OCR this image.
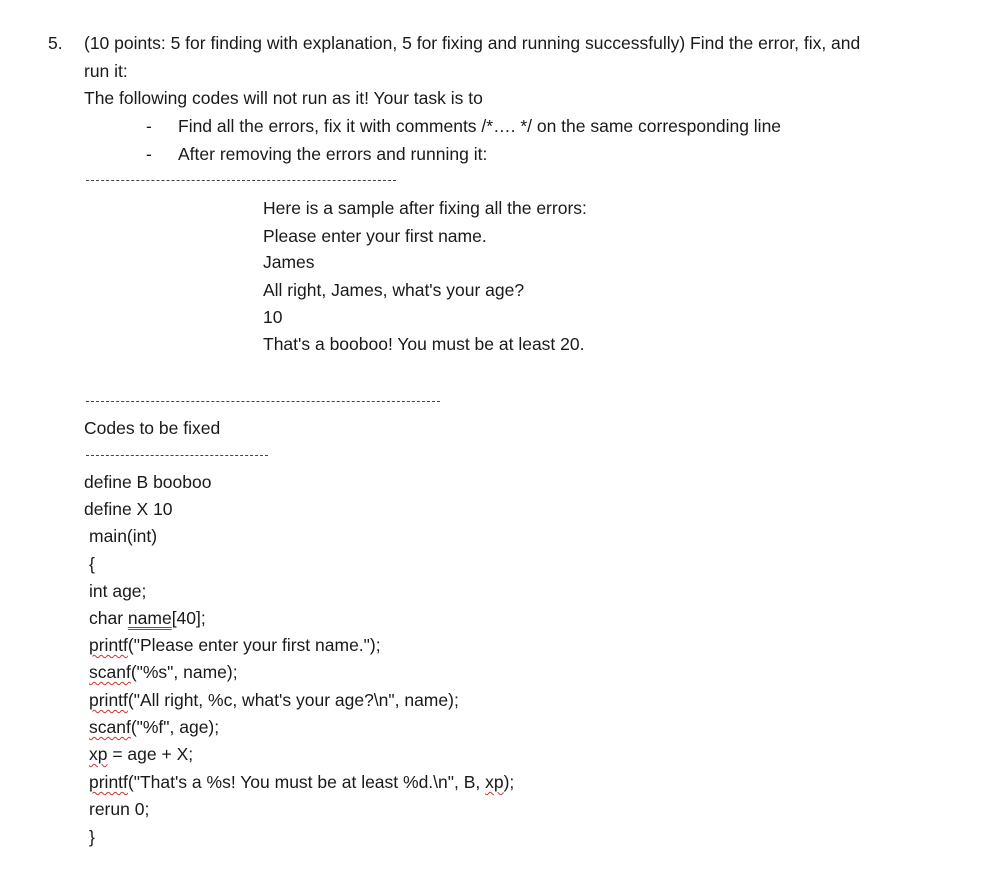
5. (10 points: 5 for finding with explanation, 5 for fixing and running successfully) Find the error, fix, and
run it:
The following codes will not run as it! Your task is to
- Find all the errors, fix it with comments /*…. */ on the same corresponding line
- After removing the errors and running it:
Here is a sample after fixing all the errors:
Please enter your first name.
James
All right, James, what's your age?
10
That's a booboo! You must be at least 20.
Codes to be fixed
define B booboo
define X 10
main(int)
{
int age;
char name[40];
printf("Please enter your first name.");
scanf("%s", name);
printf("All right, %c, what's your age?\n", name);
scanf("%f", age);
xp = age + X;
printf("That's a %s! You must be at least %d.\n", B, xp);
rerun 0;
}
